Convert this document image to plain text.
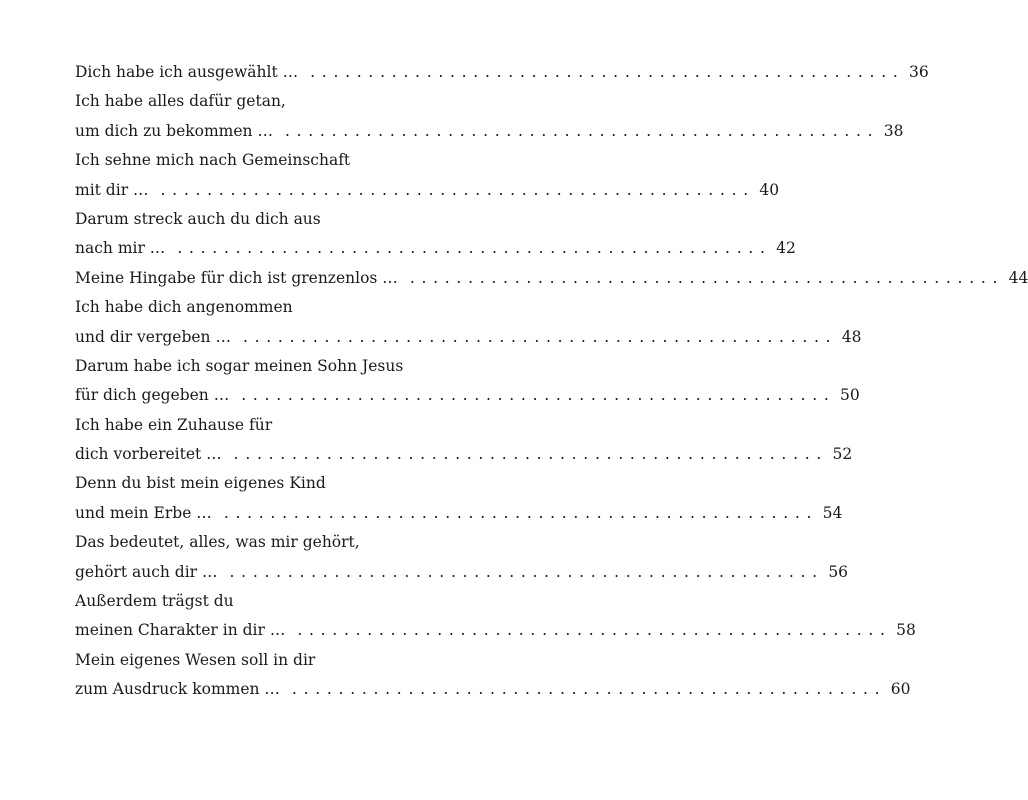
Dich habe ich ausgewählt … . . . . . . . . . . . . . . . . . . . . . . . . . . . . . . . . . . . . . . . . . . . . . . . . . . . 36
Ich habe alles dafür getan,
um dich zu bekommen … . . . . . . . . . . . . . . . . . . . . . . . . . . . . . . . . . . . . . . . . . . . . . . . . . . . 38
Ich sehne mich nach Gemeinschaft
mit dir … . . . . . . . . . . . . . . . . . . . . . . . . . . . . . . . . . . . . . . . . . . . . . . . . . . . 40
Darum streck auch du dich aus
nach mir … . . . . . . . . . . . . . . . . . . . . . . . . . . . . . . . . . . . . . . . . . . . . . . . . . . . 42
Meine Hingabe für dich ist grenzenlos … . . . . . . . . . . . . . . . . . . . . . . . . . . . . . . . . . . . . . . . . . . . . . . . . . . . 44
Ich habe dich angenommen
und dir vergeben … . . . . . . . . . . . . . . . . . . . . . . . . . . . . . . . . . . . . . . . . . . . . . . . . . . . 48
Darum habe ich sogar meinen Sohn Jesus
für dich gegeben … . . . . . . . . . . . . . . . . . . . . . . . . . . . . . . . . . . . . . . . . . . . . . . . . . . . 50
Ich habe ein Zuhause für
dich vorbereitet … . . . . . . . . . . . . . . . . . . . . . . . . . . . . . . . . . . . . . . . . . . . . . . . . . . . 52
Denn du bist mein eigenes Kind
und mein Erbe … . . . . . . . . . . . . . . . . . . . . . . . . . . . . . . . . . . . . . . . . . . . . . . . . . . . 54
Das bedeutet, alles, was mir gehört,
gehört auch dir … . . . . . . . . . . . . . . . . . . . . . . . . . . . . . . . . . . . . . . . . . . . . . . . . . . . 56
Außerdem trägst du
meinen Charakter in dir … . . . . . . . . . . . . . . . . . . . . . . . . . . . . . . . . . . . . . . . . . . . . . . . . . . . 58
Mein eigenes Wesen soll in dir
zum Ausdruck kommen … . . . . . . . . . . . . . . . . . . . . . . . . . . . . . . . . . . . . . . . . . . . . . . . . . . . 60
